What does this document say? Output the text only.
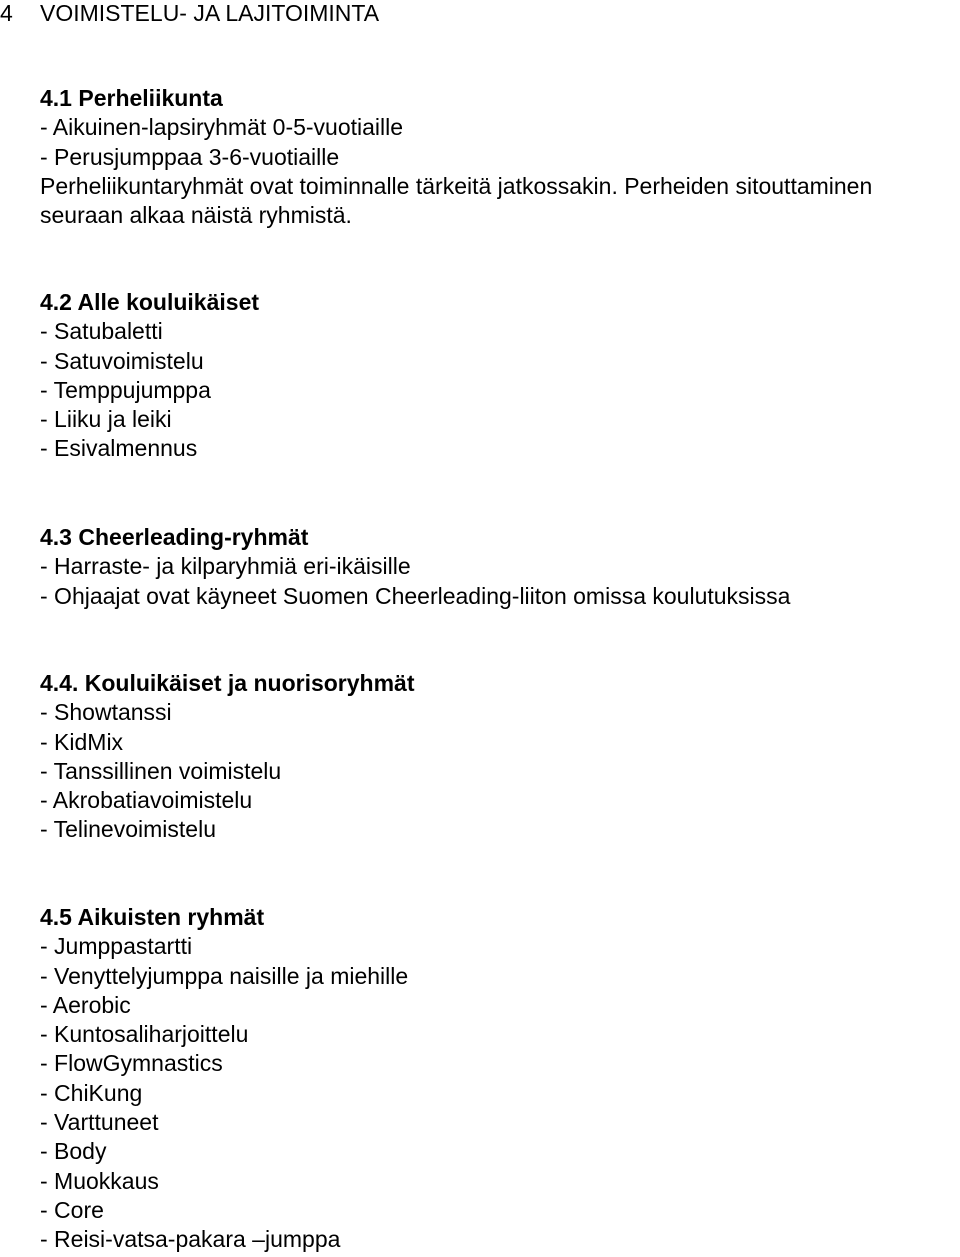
4 VOIMISTELU- JA LAJITOIMINTA

4.1 Perheliikunta

- Aikuinen-lapsiryhmät 0-5-vuotiaille

- Perusjumppaa 3-6-vuotiaille

Perheliikuntaryhmät ovat toiminnalle tärkeitä jatkossakin. Perheiden sitouttaminen

seuraan alkaa näistä ryhmistä.

4.2 Alle kouluikäiset

- Satubaletti

- Satuvoimistelu

- Temppujumppa

- Liiku ja leiki

- Esivalmennus

4.3 Cheerleading-ryhmät

- Harraste- ja kilparyhmiä eri-ikäisille

- Ohjaajat ovat käyneet Suomen Cheerleading-liiton omissa koulutuksissa

4.4. Kouluikäiset ja nuorisoryhmät

- Showtanssi

- KidMix

- Tanssillinen voimistelu

- Akrobatiavoimistelu

- Telinevoimistelu

4.5 Aikuisten ryhmät

- Jumppastartti

- Venyttelyjumppa naisille ja miehille

- Aerobic

- Kuntosaliharjoittelu

- FlowGymnastics

- ChiKung

- Varttuneet

- Body

- Muokkaus

- Core

- Reisi-vatsa-pakara –jumppa
